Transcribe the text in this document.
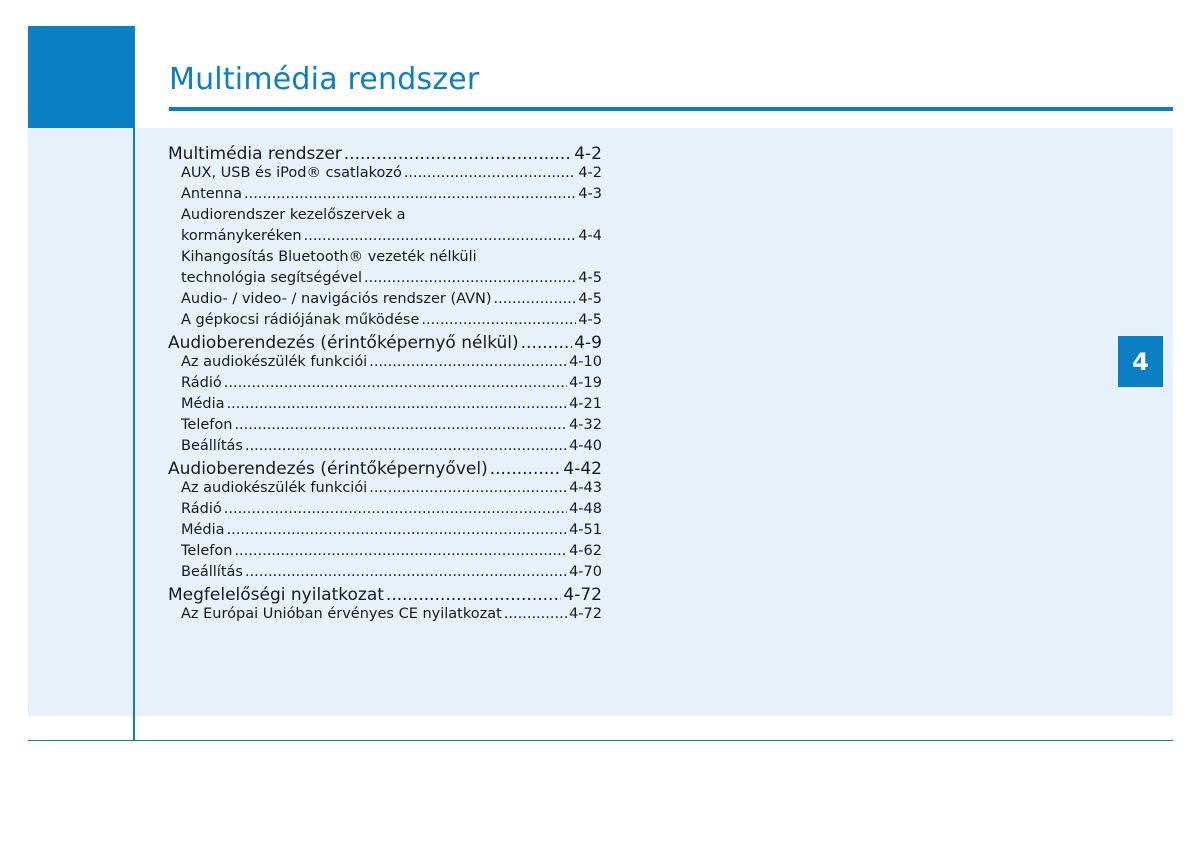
Multimédia rendszer
Multimédia rendszer .....	4-2
AUX, USB és iPod® csatlakozó .....	4-2
Antenna .....	4-3
Audiorendszer kezelőszervek a
kormánykeréken .....	4-4
Kihangosítás Bluetooth® vezeték nélküli
technológia segítségével .....	4-5
Audio- / video- / navigációs rendszer (AVN) .....	4-5
A gépkocsi rádiójának működése .....	4-5
Audioberendezés (érintőképernyő nélkül) .....	4-9
Az audiokészülék funkciói .....	4-10
Rádió .....	4-19
Média .....	4-21
Telefon .....	4-32
Beállítás .....	4-40
Audioberendezés (érintőképernyővel) .....	4-42
Az audiokészülék funkciói .....	4-43
Rádió .....	4-48
Média .....	4-51
Telefon .....	4-62
Beállítás .....	4-70
Megfelelőségi nyilatkozat .....	4-72
Az Európai Unióban érvényes CE nyilatkozat .....	4-72
4
